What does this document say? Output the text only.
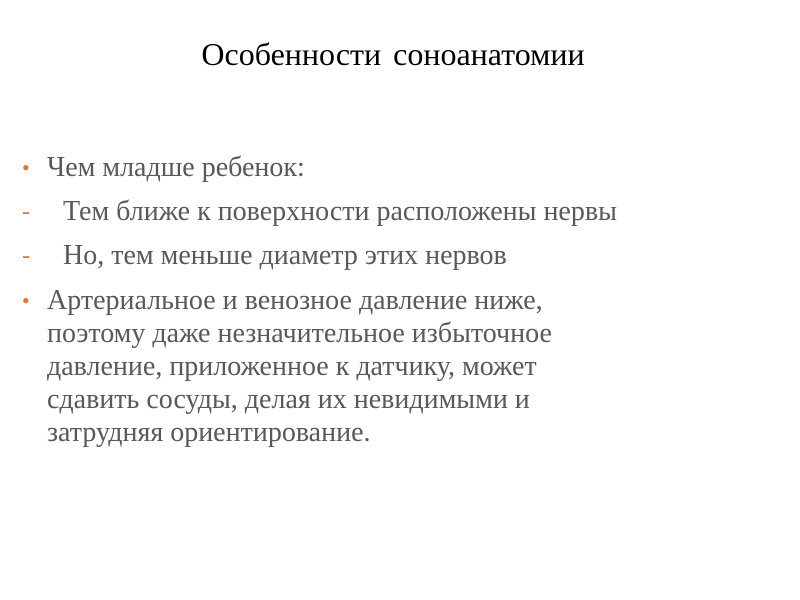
Особенности соноанатомии
• Чем младше ребенок:
-	Тем ближе к поверхности расположены нервы
-	Но, тем меньше диаметр этих нервов
• Артериальное и венозное давление ниже,
поэтому даже незначительное избыточное
давление, приложенное к датчику, может
сдавить сосуды, делая их невидимыми и
затрудняя ориентирование.
